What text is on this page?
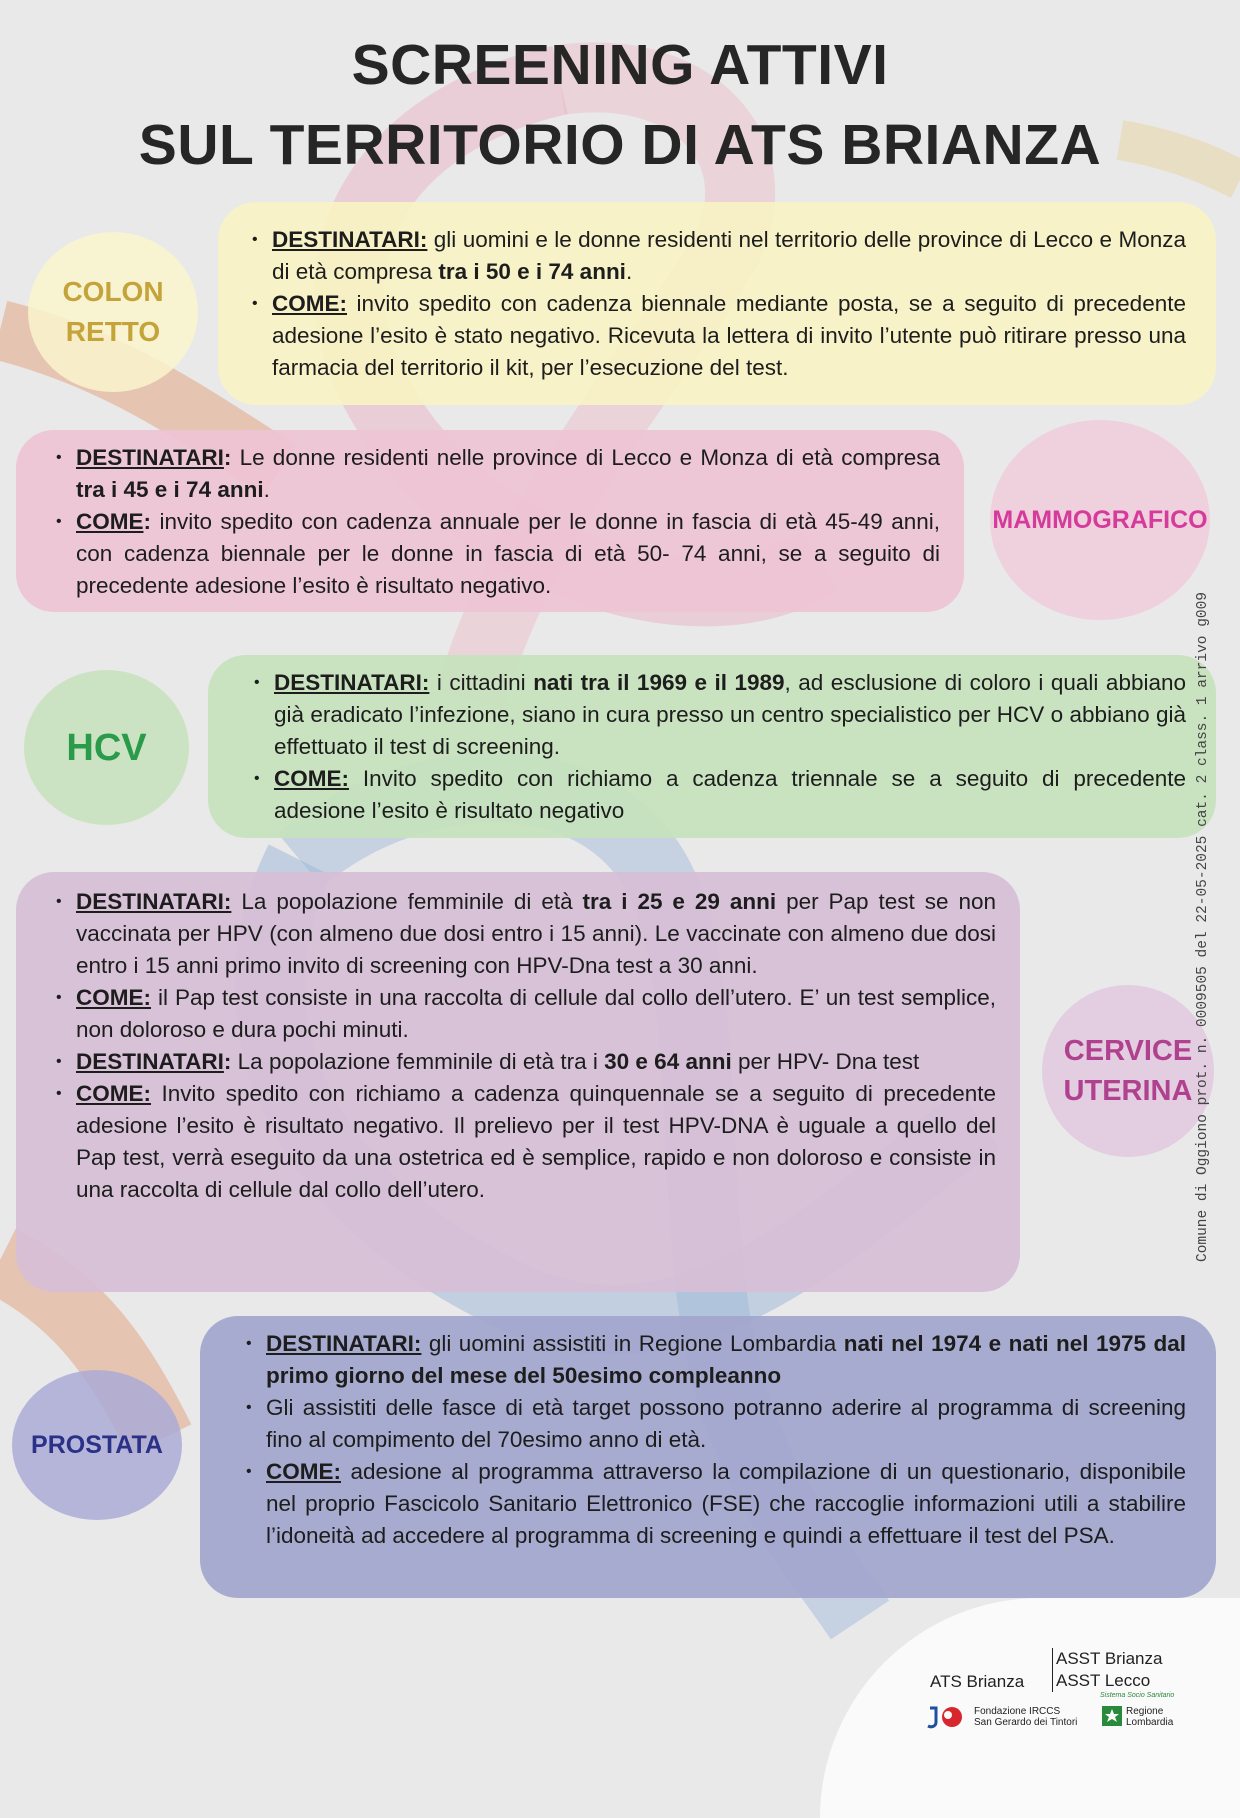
SCREENING ATTIVI
SUL TERRITORIO DI ATS BRIANZA
COLON
RETTO
• DESTINATARI: gli uomini e le donne residenti nel territorio delle province di Lecco e Monza di età compresa tra i 50 e i 74 anni.
• COME: invito spedito con cadenza biennale mediante posta, se a seguito di precedente adesione l’esito è stato negativo. Ricevuta la lettera di invito l’utente può ritirare presso una farmacia del territorio il kit, per l’esecuzione del test.
• DESTINATARI: Le donne residenti nelle province di Lecco e Monza di età compresa tra i 45 e i 74 anni.
• COME: invito spedito con cadenza annuale per le donne in fascia di età 45-49 anni, con cadenza biennale per le donne in fascia di età 50- 74 anni, se a seguito di precedente adesione l’esito è risultato negativo.
MAMMOGRAFICO
HCV
• DESTINATARI: i cittadini nati tra il 1969 e il 1989, ad esclusione di coloro i quali abbiano già eradicato l’infezione, siano in cura presso un centro specialistico per HCV o abbiano già effettuato il test di screening.
• COME: Invito spedito con richiamo a cadenza triennale se a seguito di precedente adesione l’esito è risultato negativo
• DESTINATARI: La popolazione femminile di età tra i 25 e 29 anni per Pap test se non vaccinata per HPV (con almeno due dosi entro i 15 anni). Le vaccinate con almeno due dosi entro i 15 anni primo invito di screening con HPV-Dna test a 30 anni.
• COME: il Pap test consiste in una raccolta di cellule dal collo dell’utero. E’ un test semplice, non doloroso e dura pochi minuti.
• DESTINATARI: La popolazione femminile di età tra i 30 e 64 anni per HPV- Dna test
• COME: Invito spedito con richiamo a cadenza quinquennale se a seguito di precedente adesione l’esito è risultato negativo. Il prelievo per il test HPV-DNA è uguale a quello del Pap test, verrà eseguito da una ostetrica ed è semplice, rapido e non doloroso e consiste in una raccolta di cellule dal collo dell’utero.
CERVICE
UTERINA
PROSTATA
• DESTINATARI: gli uomini assistiti in Regione Lombardia nati nel 1974 e nati nel 1975 dal primo giorno del mese del 50esimo compleanno
• Gli assistiti delle fasce di età target possono potranno aderire al programma di screening fino al compimento del 70esimo anno di età.
• COME: adesione al programma attraverso la compilazione di un questionario, disponibile nel proprio Fascicolo Sanitario Elettronico (FSE) che raccoglie informazioni utili a stabilire l’idoneità ad accedere al programma di screening e quindi a effettuare il test del PSA.
Comune di Oggiono prot. n. 0009505 del 22-05-2025 cat. 2 class. 1 arrivo g009
ATS Brianza
ASST Brianza
ASST Lecco
Sistema Socio Sanitario
Fondazione IRCCS
San Gerardo dei Tintori
Regione
Lombardia
